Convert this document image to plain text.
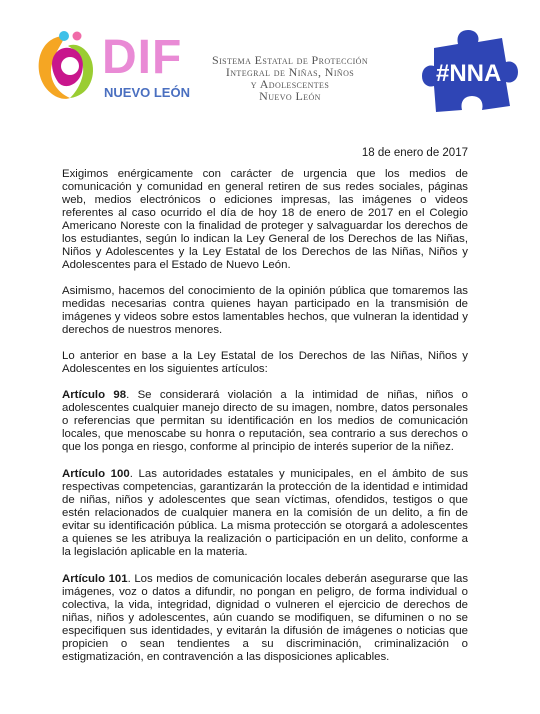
DIF
NUEVO LEÓN
Sistema Estatal de Protección
Integral de Niñas, Niños
y Adolescentes
Nuevo León
#NNA
18 de enero de 2017

Exigimos enérgicamente con carácter de urgencia que los medios de comunicación y comunidad en general retiren de sus redes sociales, páginas web, medios electrónicos o ediciones impresas, las imágenes o videos referentes al caso ocurrido el día de hoy 18 de enero de 2017 en el Colegio Americano Noreste con la finalidad de proteger y salvaguardar los derechos de los estudiantes, según lo indican la Ley General de los Derechos de las Niñas, Niños y Adolescentes y la Ley Estatal de los Derechos de las Niñas, Niños y Adolescentes para el Estado de Nuevo León.

Asimismo, hacemos del conocimiento de la opinión pública que tomaremos las medidas necesarias contra quienes hayan participado en la transmisión de imágenes y videos sobre estos lamentables hechos, que vulneran la identidad y derechos de nuestros menores.

Lo anterior en base a la Ley Estatal de los Derechos de las Niñas, Niños y Adolescentes en los siguientes artículos:

Artículo 98. Se considerará violación a la intimidad de niñas, niños o adolescentes cualquier manejo directo de su imagen, nombre, datos personales o referencias que permitan su identificación en los medios de comunicación locales, que menoscabe su honra o reputación, sea contrario a sus derechos o que los ponga en riesgo, conforme al principio de interés superior de la niñez.

Artículo 100. Las autoridades estatales y municipales, en el ámbito de sus respectivas competencias, garantizarán la protección de la identidad e intimidad de niñas, niños y adolescentes que sean víctimas, ofendidos, testigos o que estén relacionados de cualquier manera en la comisión de un delito, a fin de evitar su identificación pública. La misma protección se otorgará a adolescentes a quienes se les atribuya la realización o participación en un delito, conforme a la legislación aplicable en la materia.

Artículo 101. Los medios de comunicación locales deberán asegurarse que las imágenes, voz o datos a difundir, no pongan en peligro, de forma individual o colectiva, la vida, integridad, dignidad o vulneren el ejercicio de derechos de niñas, niños y adolescentes, aún cuando se modifiquen, se difuminen o no se especifiquen sus identidades, y evitarán la difusión de imágenes o noticias que propicien o sean tendientes a su discriminación, criminalización o estigmatización, en contravención a las disposiciones aplicables.
